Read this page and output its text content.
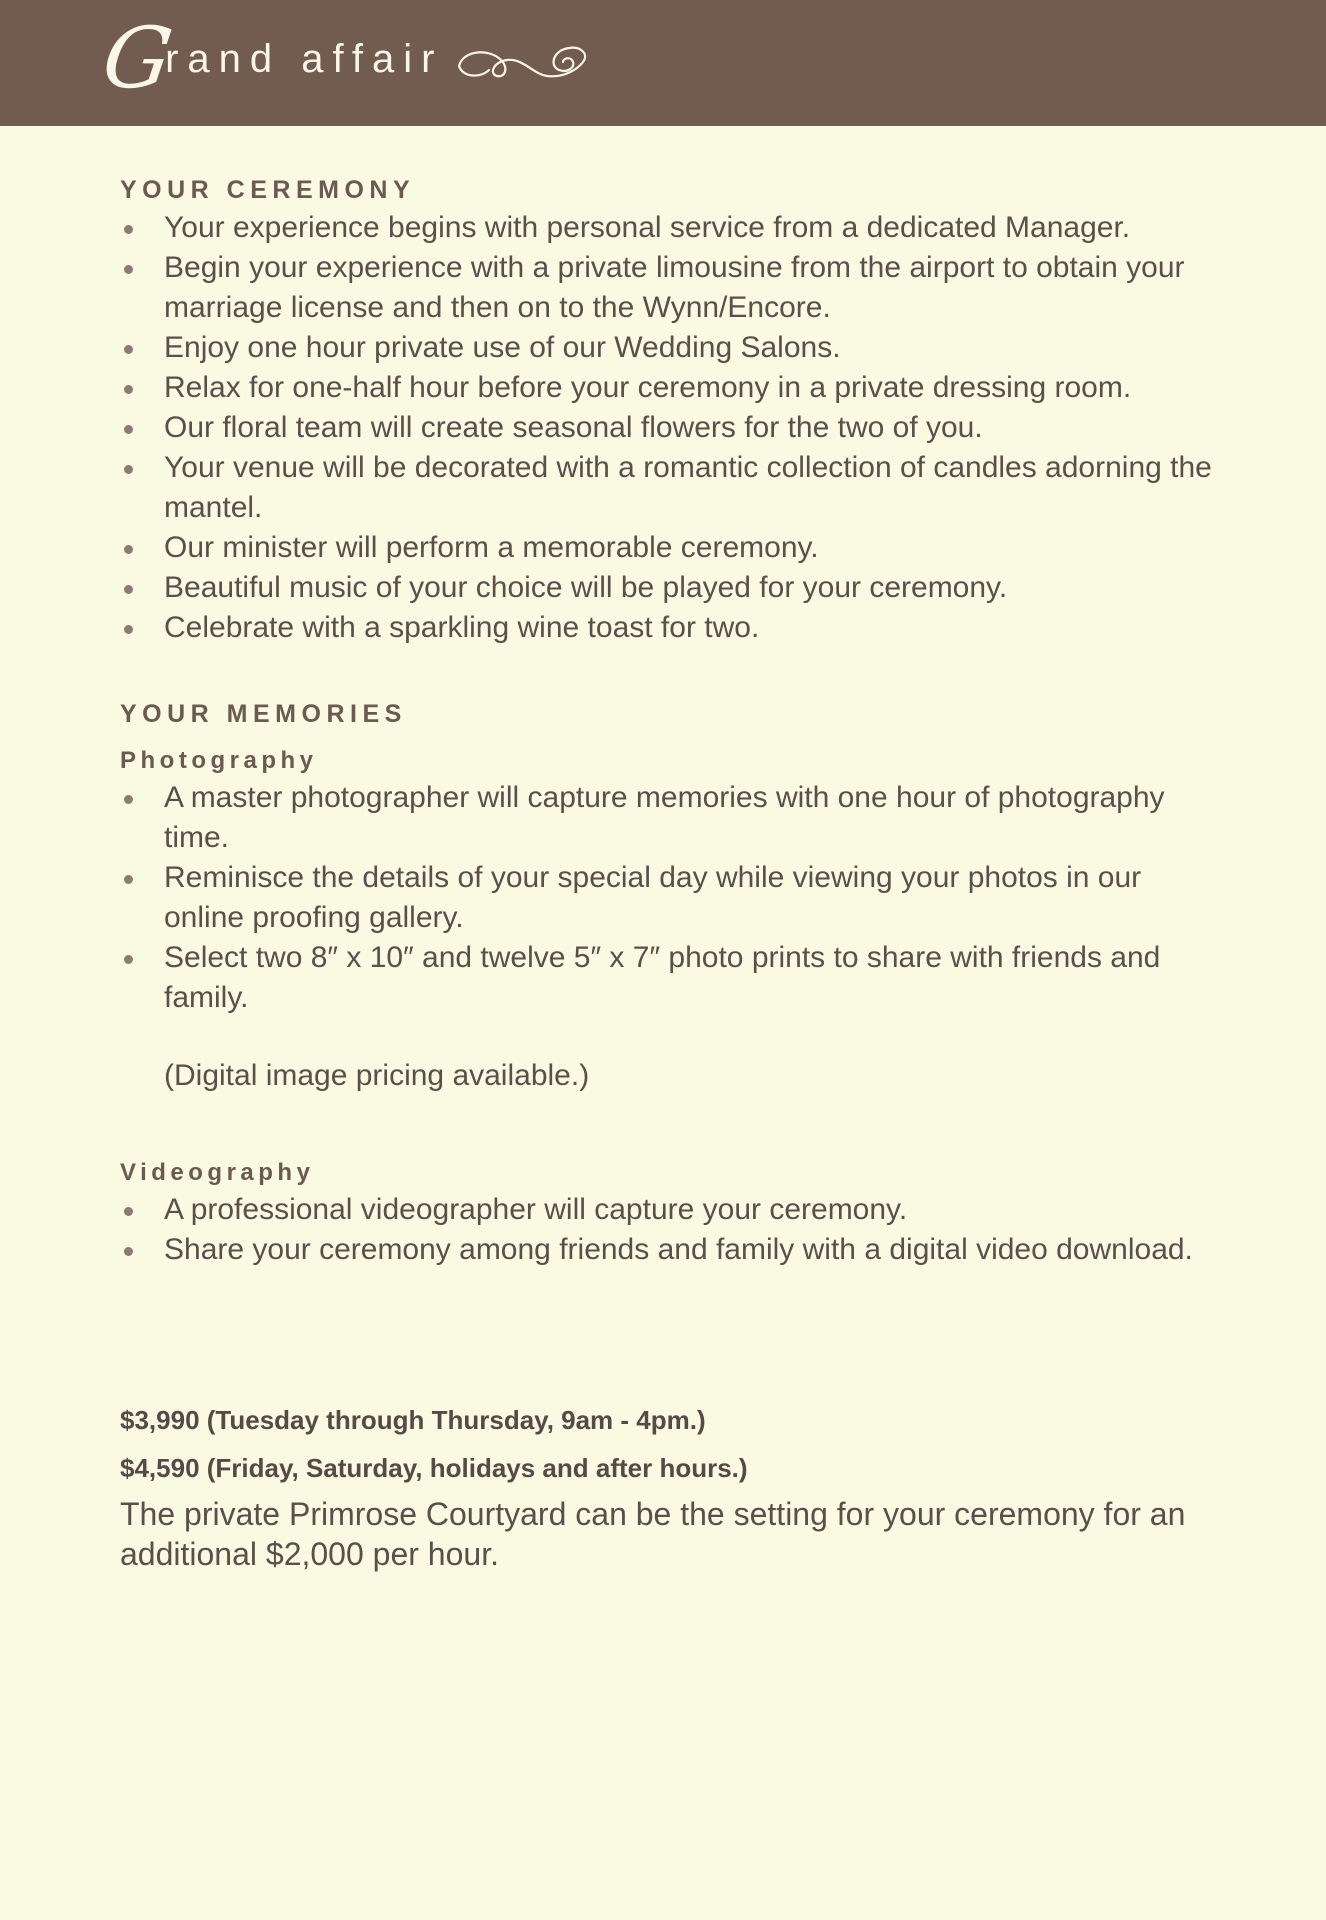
G
rand affair
YOUR CEREMONY
Your experience begins with personal service from a dedicated Manager.
Begin your experience with a private limousine from the airport to obtain your marriage license and then on to the Wynn/Encore.
Enjoy one hour private use of our Wedding Salons.
Relax for one-half hour before your ceremony in a private dressing room.
Our floral team will create seasonal flowers for the two of you.
Your venue will be decorated with a romantic collection of candles adorning the mantel.
Our minister will perform a memorable ceremony.
Beautiful music of your choice will be played for your ceremony.
Celebrate with a sparkling wine toast for two.
YOUR MEMORIES
Photography
A master photographer will capture memories with one hour of photography time.
Reminisce the details of your special day while viewing your photos in our online proofing gallery.
Select two 8″ x 10″ and twelve 5″ x 7″ photo prints to share with friends and family.
(Digital image pricing available.)
Videography
A professional videographer will capture your ceremony.
Share your ceremony among friends and family with a digital video download.
$3,990 (Tuesday through Thursday, 9am - 4pm.)
$4,590 (Friday, Saturday, holidays and after hours.)
The private Primrose Courtyard can be the setting for your ceremony for an additional $2,000 per hour.
